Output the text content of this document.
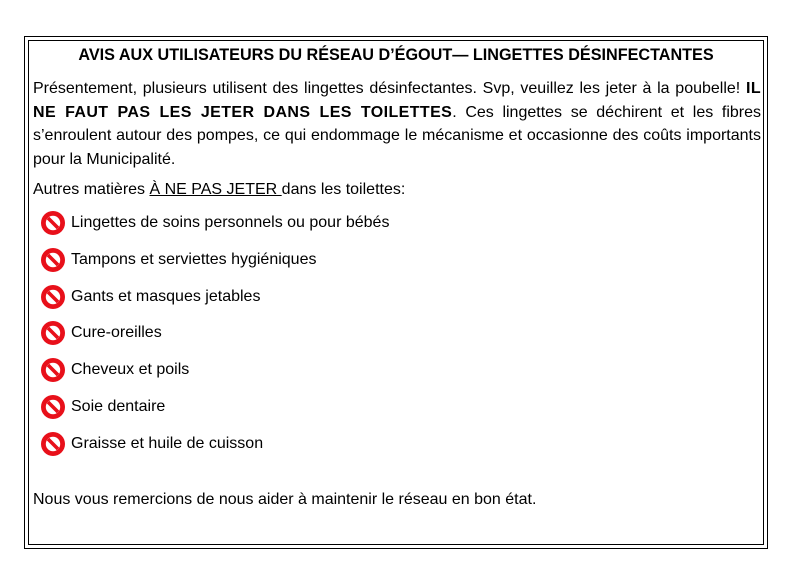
AVIS AUX UTILISATEURS DU RÉSEAU D’ÉGOUT— LINGETTES DÉSINFECTANTES

Présentement, plusieurs utilisent des lingettes désinfectantes. Svp, veuillez les jeter à la poubelle! IL NE FAUT PAS LES JETER DANS LES TOILETTES. Ces lingettes se déchirent et les fibres s’enroulent autour des pompes, ce qui endommage le mécanisme et occasionne des coûts importants pour la Municipalité.

Autres matières À NE PAS JETER dans les toilettes:

Lingettes de soins personnels ou pour bébés
Tampons et serviettes hygiéniques
Gants et masques jetables
Cure-oreilles
Cheveux et poils
Soie dentaire
Graisse et huile de cuisson

Nous vous remercions de nous aider à maintenir le réseau en bon état.
